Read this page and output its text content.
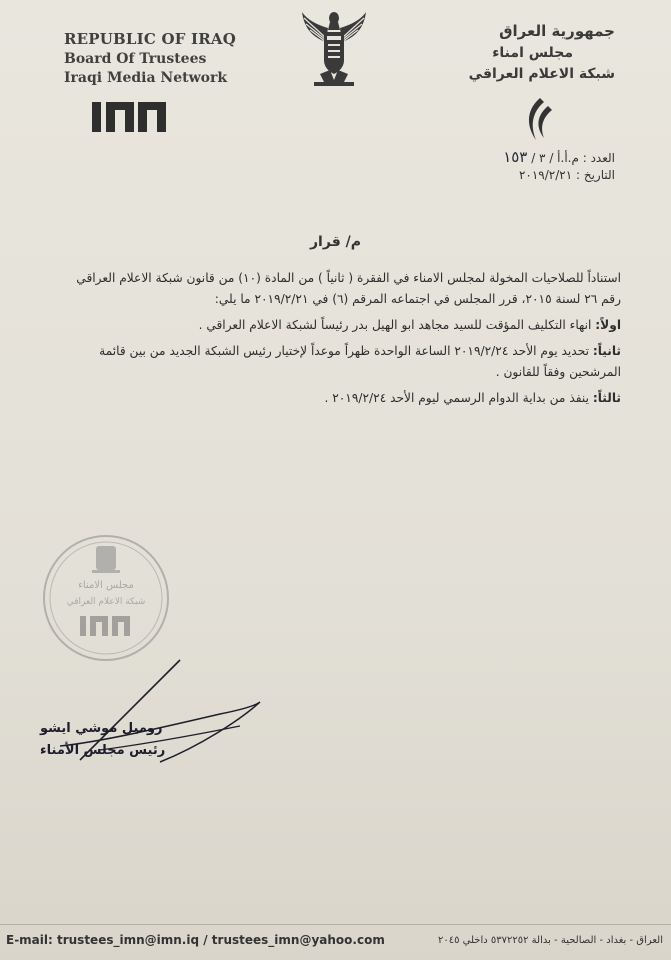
REPUBLIC OF IRAQ
Board Of Trustees
Iraqi Media Network
جمهورية العراق
مجلس امناء
شبكة الاعلام العراقي
العدد : م.أ.أ / ٣ / ١٥٣
التاريخ : ٢٠١٩/٢/٢١
م/ قرار

استناداً للصلاحيات المخولة لمجلس الامناء في الفقرة ( ثانياً ) من المادة (١٠) من قانون شبكة الاعلام العراقي رقم ٢٦ لسنة ٢٠١٥، قرر المجلس في اجتماعه المرقم (٦) في ٢٠١٩/٢/٢١ ما يلي:

اولاً: انهاء التكليف المؤقت للسيد مجاهد ابو الهيل بدر رئيساً لشبكة الاعلام العراقي .

ثانياً: تحديد يوم الأحد ٢٠١٩/٢/٢٤ الساعة الواحدة ظهراً موعداً لإختيار رئيس الشبكة الجديد من بين قائمة المرشحين وفقاً للقانون .

ثالثاً: ينفذ من بداية الدوام الرسمي ليوم الأحد ٢٠١٩/٢/٢٤ .

مجلس الامناء
شبكة الاعلام العراقي
روميل موشي ايشو
رئيس مجلس الأمناء
E-mail: trustees_imn@imn.iq / trustees_imn@yahoo.com	العراق - بغداد - الصالحية - بدالة ٥٣٧٢٢٥٢ داخلي ٢٠٤٥
